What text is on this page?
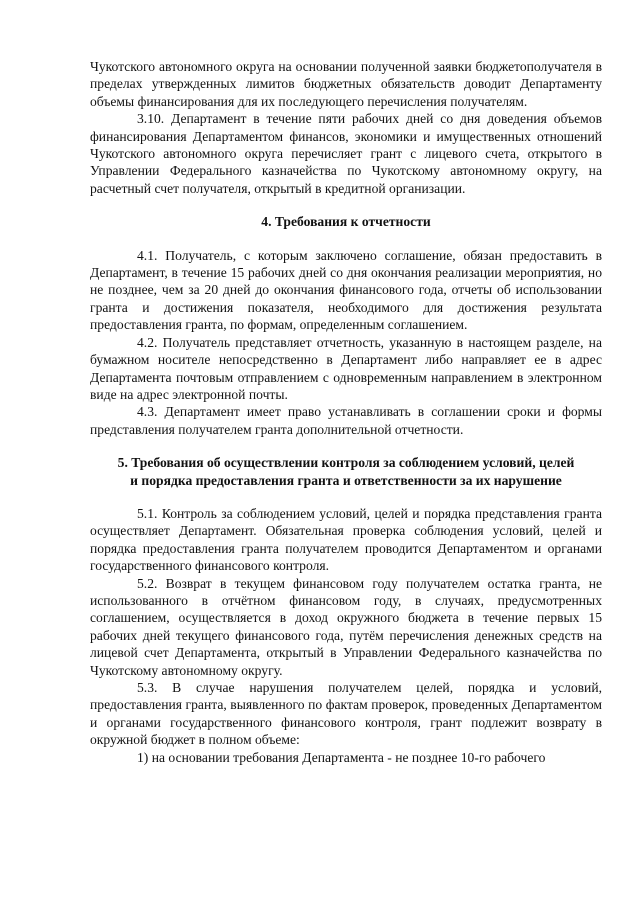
Чукотского автономного округа на основании полученной заявки бюджетополучателя в пределах утвержденных лимитов бюджетных обязательств доводит Департаменту объемы финансирования для их последующего перечисления получателям.

3.10. Департамент в течение пяти рабочих дней со дня доведения объемов финансирования Департаментом финансов, экономики и имущественных отношений Чукотского автономного округа перечисляет грант с лицевого счета, открытого в Управлении Федерального казначейства по Чукотскому автономному округу, на расчетный счет получателя, открытый в кредитной организации.

4. Требования к отчетности

4.1. Получатель, с которым заключено соглашение, обязан предоставить в Департамент, в течение 15 рабочих дней со дня окончания реализации мероприятия, но не позднее, чем за 20 дней до окончания финансового года, отчеты об использовании гранта и достижения показателя, необходимого для достижения результата предоставления гранта, по формам, определенным соглашением.

4.2. Получатель представляет отчетность, указанную в настоящем разделе, на бумажном носителе непосредственно в Департамент либо направляет ее в адрес Департамента почтовым отправлением с одновременным направлением в электронном виде на адрес электронной почты.

4.3. Департамент имеет право устанавливать в соглашении сроки и формы представления получателем гранта дополнительной отчетности.

5. Требования об осуществлении контроля за соблюдением условий, целей
и порядка предоставления гранта и ответственности за их нарушение

5.1. Контроль за соблюдением условий, целей и порядка представления гранта осуществляет Департамент. Обязательная проверка соблюдения условий, целей и порядка предоставления гранта получателем проводится Департаментом и органами государственного финансового контроля.

5.2. Возврат в текущем финансовом году получателем остатка гранта, не использованного в отчётном финансовом году, в случаях, предусмотренных соглашением, осуществляется в доход окружного бюджета в течение первых 15 рабочих дней текущего финансового года, путём перечисления денежных средств на лицевой счет Департамента, открытый в Управлении Федерального казначейства по Чукотскому автономному округу.

5.3. В случае нарушения получателем целей, порядка и условий, предоставления гранта, выявленного по фактам проверок, проведенных Департаментом и органами государственного финансового контроля, грант подлежит возврату в окружной бюджет в полном объеме:

1) на основании требования Департамента - не позднее 10-го рабочего
